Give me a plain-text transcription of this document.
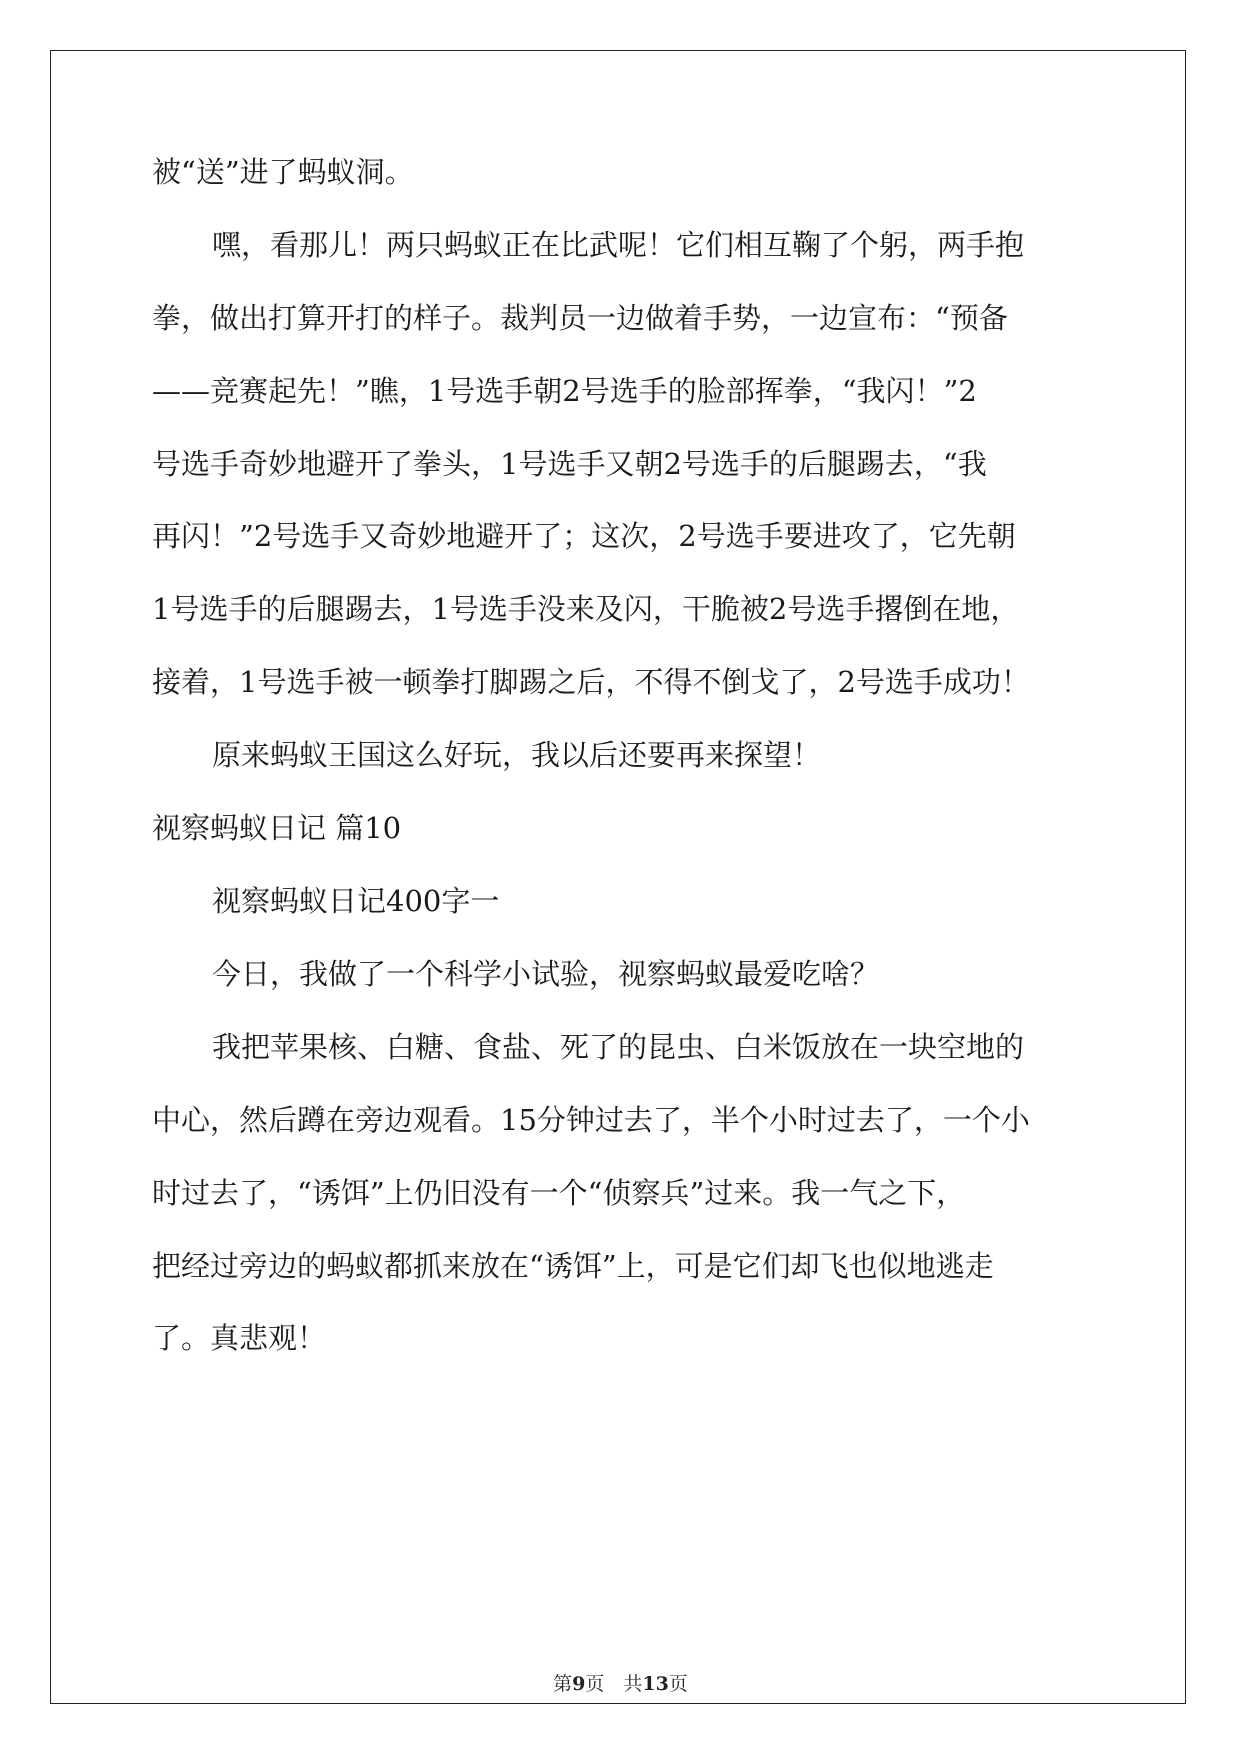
被“送”进了蚂蚁洞。
嘿，看那儿！两只蚂蚁正在比武呢！它们相互鞠了个躬，两手抱
拳，做出打算开打的样子。裁判员一边做着手势，一边宣布：“预备
——竞赛起先！”瞧，1号选手朝2号选手的脸部挥拳，“我闪！”2
号选手奇妙地避开了拳头，1号选手又朝2号选手的后腿踢去，“我
再闪！”2号选手又奇妙地避开了；这次，2号选手要进攻了，它先朝
1号选手的后腿踢去，1号选手没来及闪，干脆被2号选手撂倒在地，
接着，1号选手被一顿拳打脚踢之后，不得不倒戈了，2号选手成功！
原来蚂蚁王国这么好玩，我以后还要再来探望！
视察蚂蚁日记 篇10
视察蚂蚁日记400字一
今日，我做了一个科学小试验，视察蚂蚁最爱吃啥？
我把苹果核、白糖、食盐、死了的昆虫、白米饭放在一块空地的
中心，然后蹲在旁边观看。15分钟过去了，半个小时过去了，一个小
时过去了，“诱饵”上仍旧没有一个“侦察兵”过来。我一气之下，
把经过旁边的蚂蚁都抓来放在“诱饵”上，可是它们却飞也似地逃走
了。真悲观！
第9页　共13页
